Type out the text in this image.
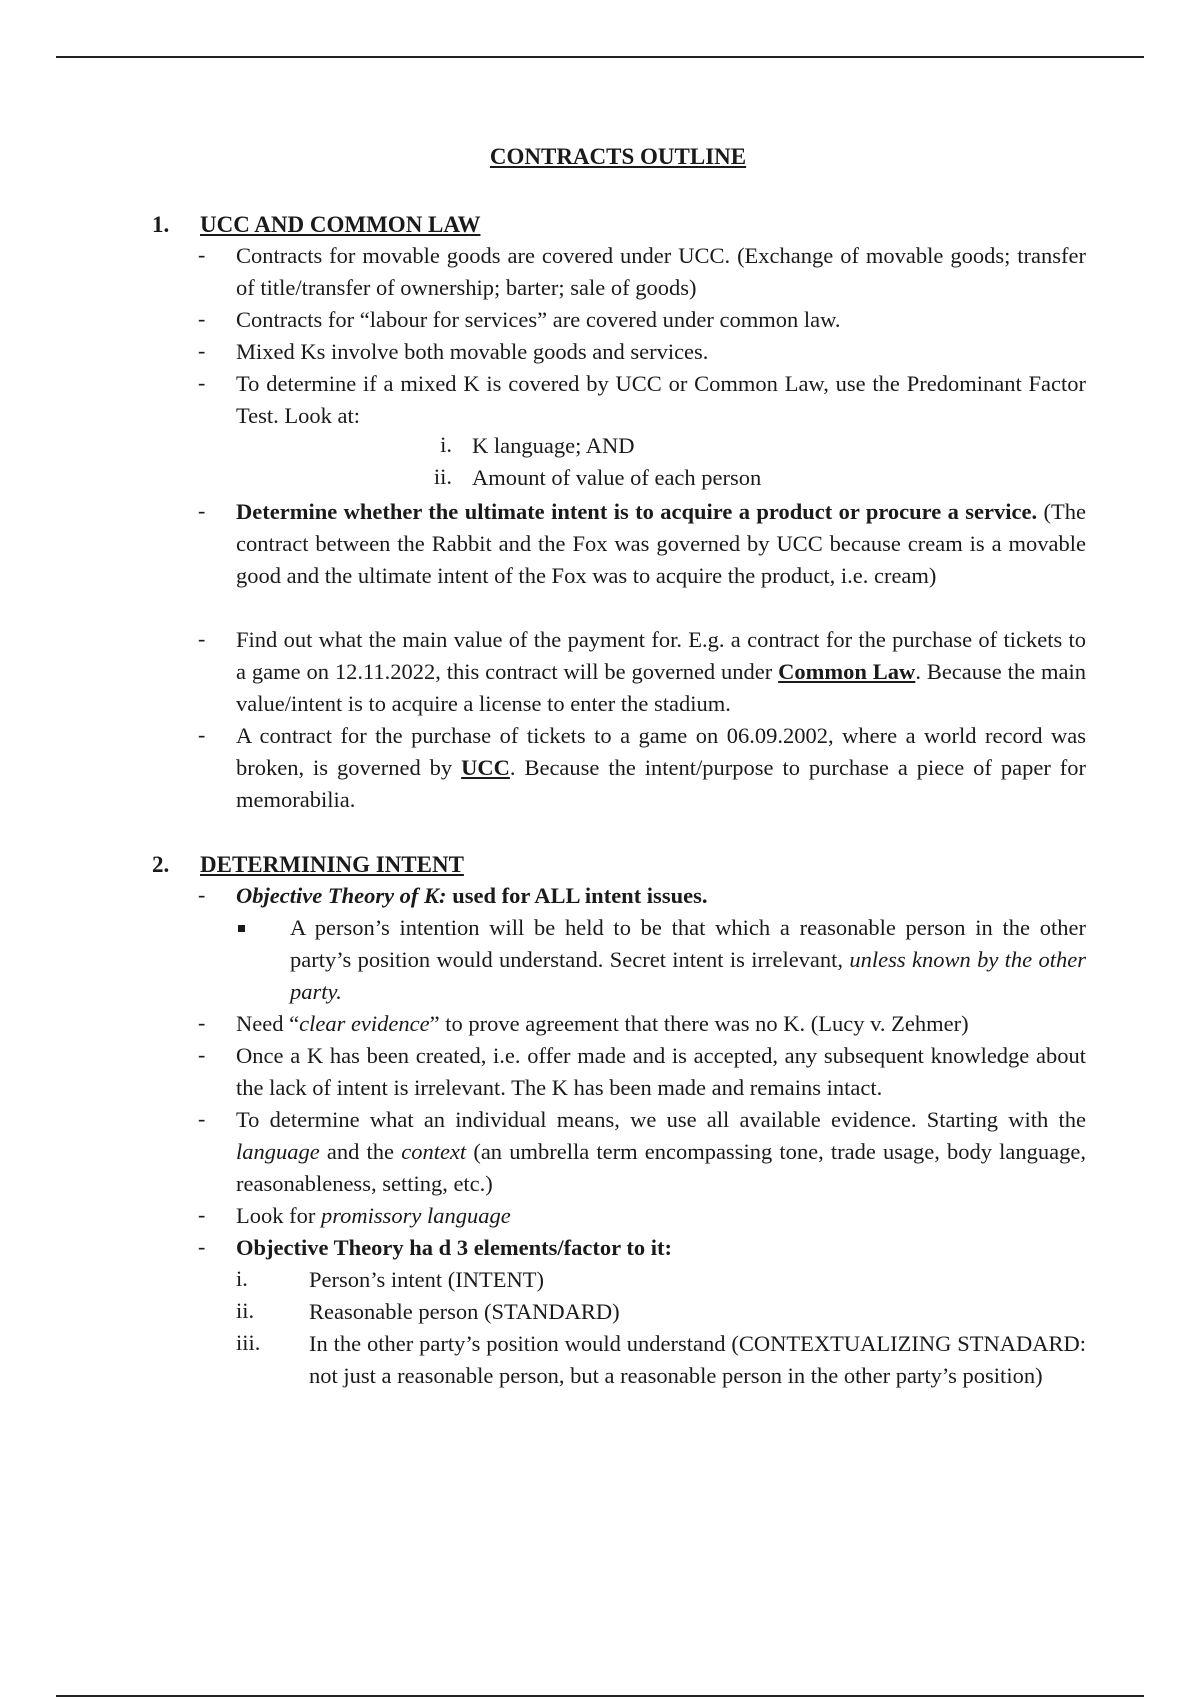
CONTRACTS OUTLINE
1. UCC AND COMMON LAW
- Contracts for movable goods are covered under UCC. (Exchange of movable goods; transfer of title/transfer of ownership; barter; sale of goods)
- Contracts for “labour for services” are covered under common law.
- Mixed Ks involve both movable goods and services.
- To determine if a mixed K is covered by UCC or Common Law, use the Predominant Factor Test. Look at:
i. K language; AND
ii. Amount of value of each person
- Determine whether the ultimate intent is to acquire a product or procure a service. (The contract between the Rabbit and the Fox was governed by UCC because cream is a movable good and the ultimate intent of the Fox was to acquire the product, i.e. cream)
- Find out what the main value of the payment for. E.g. a contract for the purchase of tickets to a game on 12.11.2022, this contract will be governed under Common Law. Because the main value/intent is to acquire a license to enter the stadium.
- A contract for the purchase of tickets to a game on 06.09.2002, where a world record was broken, is governed by UCC. Because the intent/purpose to purchase a piece of paper for memorabilia.
2. DETERMINING INTENT
- Objective Theory of K: used for ALL intent issues.
A person’s intention will be held to be that which a reasonable person in the other party’s position would understand. Secret intent is irrelevant, unless known by the other party.
- Need “clear evidence” to prove agreement that there was no K. (Lucy v. Zehmer)
- Once a K has been created, i.e. offer made and is accepted, any subsequent knowledge about the lack of intent is irrelevant. The K has been made and remains intact.
- To determine what an individual means, we use all available evidence. Starting with the language and the context (an umbrella term encompassing tone, trade usage, body language, reasonableness, setting, etc.)
- Look for promissory language
- Objective Theory ha d 3 elements/factor to it:
i.	Person’s intent (INTENT)
ii. Reasonable person (STANDARD)
iii. In the other party’s position would understand (CONTEXTUALIZING STNADARD: not just a reasonable person, but a reasonable person in the other party’s position)
